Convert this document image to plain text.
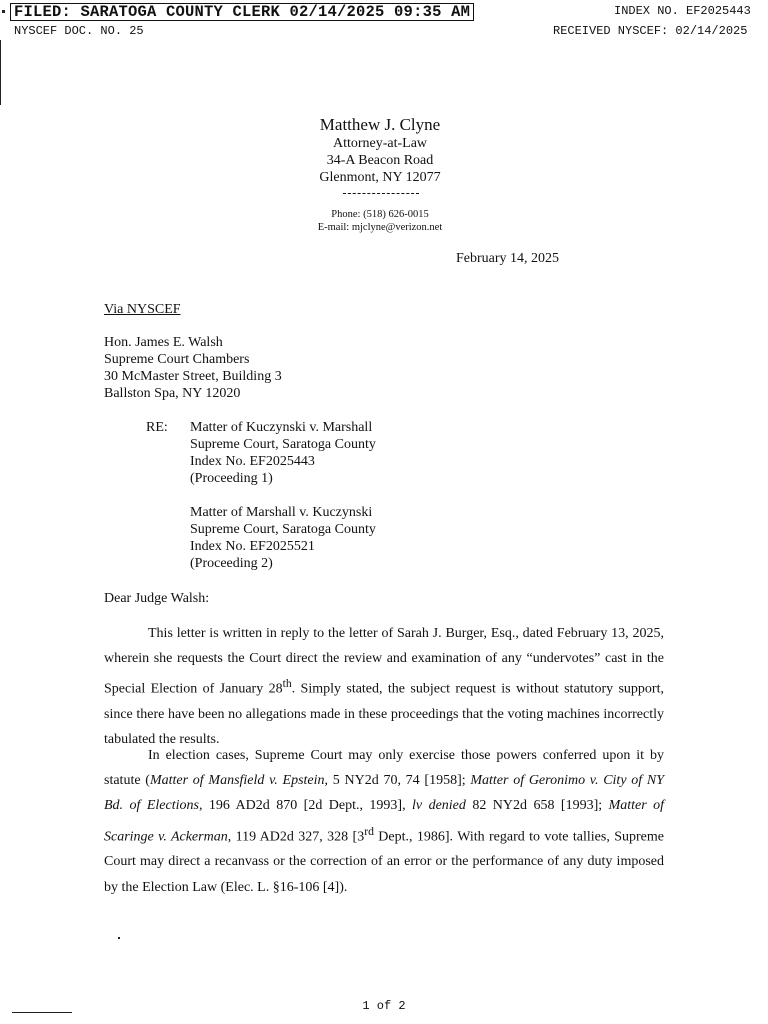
FILED: SARATOGA COUNTY CLERK 02/14/2025 09:35 AM	INDEX NO. EF2025443
NYSCEF DOC. NO. 25	RECEIVED NYSCEF: 02/14/2025
Matthew J. Clyne
Attorney-at-Law
34-A Beacon Road
Glenmont, NY 12077
Phone: (518) 626-0015
E-mail: mjclyne@verizon.net
February 14, 2025
Via NYSCEF
Hon. James E. Walsh
Supreme Court Chambers
30 McMaster Street, Building 3
Ballston Spa, NY 12020
RE: Matter of Kuczynski v. Marshall
Supreme Court, Saratoga County
Index No. EF2025443
(Proceeding 1)
Matter of Marshall v. Kuczynski
Supreme Court, Saratoga County
Index No. EF2025521
(Proceeding 2)
Dear Judge Walsh:
This letter is written in reply to the letter of Sarah J. Burger, Esq., dated February 13, 2025, wherein she requests the Court direct the review and examination of any “undervotes” cast in the Special Election of January 28th. Simply stated, the subject request is without statutory support, since there have been no allegations made in these proceedings that the voting machines incorrectly tabulated the results.
In election cases, Supreme Court may only exercise those powers conferred upon it by statute (Matter of Mansfield v. Epstein, 5 NY2d 70, 74 [1958]; Matter of Geronimo v. City of NY Bd. of Elections, 196 AD2d 870 [2d Dept., 1993], lv denied 82 NY2d 658 [1993]; Matter of Scaringe v. Ackerman, 119 AD2d 327, 328 [3rd Dept., 1986]. With regard to vote tallies, Supreme Court may direct a recanvass or the correction of an error or the performance of any duty imposed by the Election Law (Elec. L. §16-106 [4]).
1 of 2
